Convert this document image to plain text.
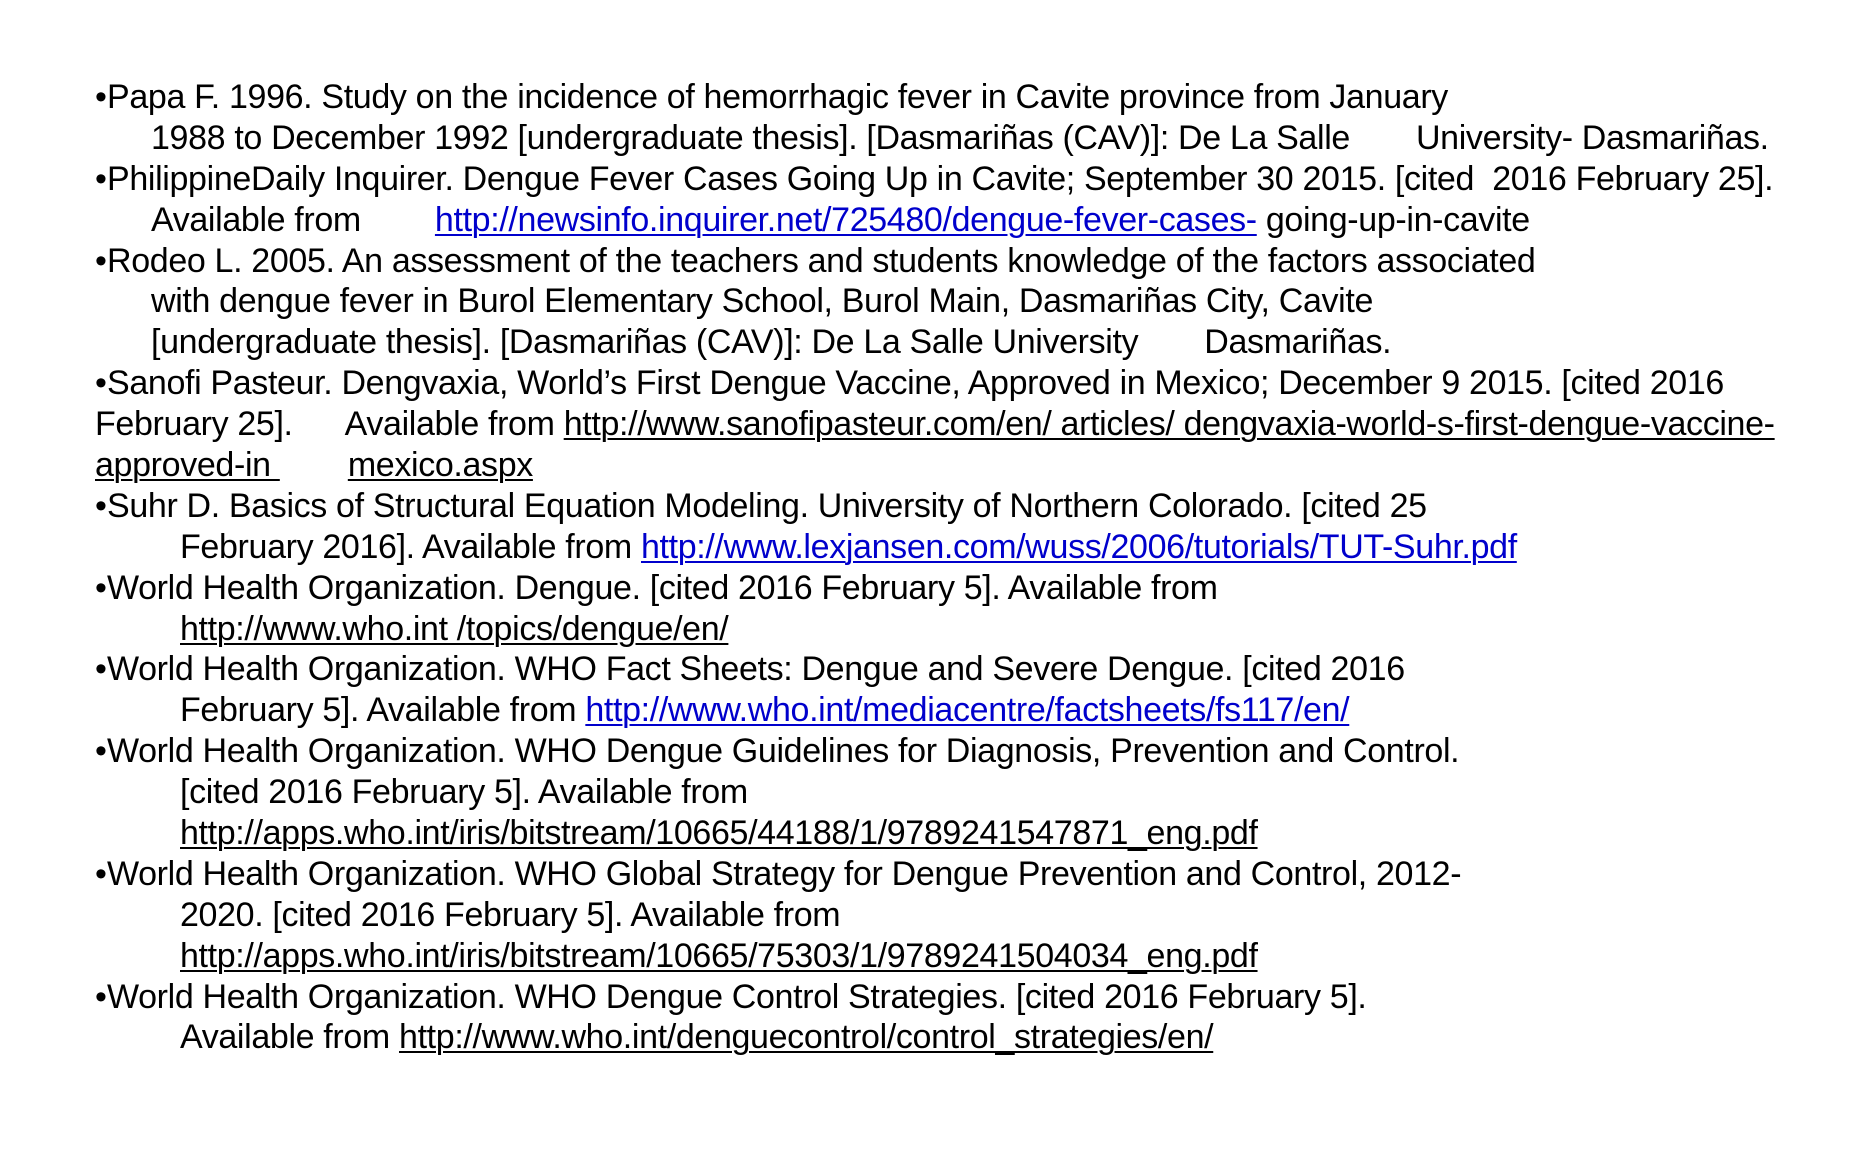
•Papa F. 1996. Study on the incidence of hemorrhagic fever in Cavite province from January
1988 to December 1992 [undergraduate thesis]. [Dasmariñas (CAV)]: De La Salle University- Dasmariñas.
•PhilippineDaily Inquirer. Dengue Fever Cases Going Up in Cavite; September 30 2015. [cited  2016 February 25].
Available from http://newsinfo.inquirer.net/725480/dengue-fever-cases- going-up-in-cavite
•Rodeo L. 2005. An assessment of the teachers and students knowledge of the factors associated
with dengue fever in Burol Elementary School, Burol Main, Dasmariñas City, Cavite
[undergraduate thesis]. [Dasmariñas (CAV)]: De La Salle University Dasmariñas.
•Sanofi Pasteur. Dengvaxia, World’s First Dengue Vaccine, Approved in Mexico; December 9 2015. [cited 2016
February 25]. Available from http://www.sanofipasteur.com/en/ articles/ dengvaxia-world-s-first-dengue-vaccine-
approved-in mexico.aspx
•Suhr D. Basics of Structural Equation Modeling. University of Northern Colorado. [cited 25
February 2016]. Available from http://www.lexjansen.com/wuss/2006/tutorials/TUT-Suhr.pdf
•World Health Organization. Dengue. [cited 2016 February 5]. Available from
http://www.who.int /topics/dengue/en/
•World Health Organization. WHO Fact Sheets: Dengue and Severe Dengue. [cited 2016
February 5]. Available from http://www.who.int/mediacentre/factsheets/fs117/en/
•World Health Organization. WHO Dengue Guidelines for Diagnosis, Prevention and Control.
[cited 2016 February 5]. Available from
http://apps.who.int/iris/bitstream/10665/44188/1/9789241547871_eng.pdf
•World Health Organization. WHO Global Strategy for Dengue Prevention and Control, 2012-
2020. [cited 2016 February 5]. Available from
http://apps.who.int/iris/bitstream/10665/75303/1/9789241504034_eng.pdf
•World Health Organization. WHO Dengue Control Strategies. [cited 2016 February 5].
Available from http://www.who.int/denguecontrol/control_strategies/en/
